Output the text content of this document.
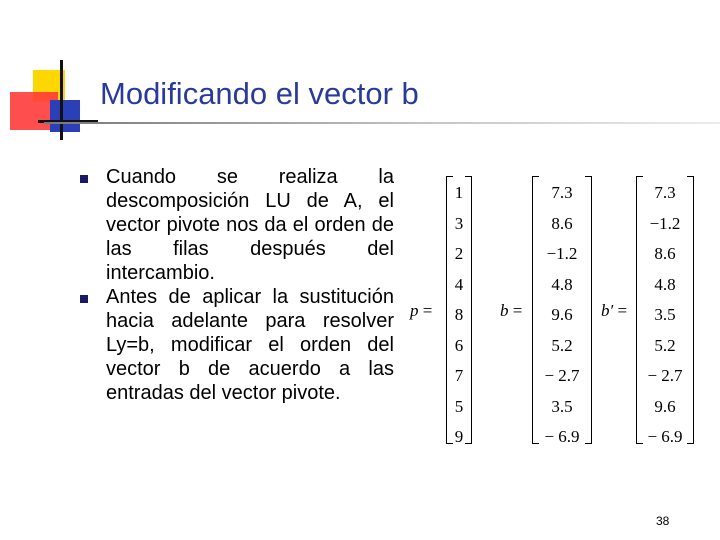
Modificando el vector b
Cuando se realiza la descomposición LU de A, el vector pivote nos da el orden de las filas después del intercambio.
Antes de aplicar la sustitución hacia adelante para resolver Ly=b, modificar el orden del vector b de acuerdo a las entradas del vector pivote.
p =
1
3
2
4
8
6
7
5
9
b =
7.3
8.6
−1.2
4.8
9.6
5.2
− 2.7
3.5
− 6.9
b′ =
7.3
−1.2
8.6
4.8
3.5
5.2
− 2.7
9.6
− 6.9
38
